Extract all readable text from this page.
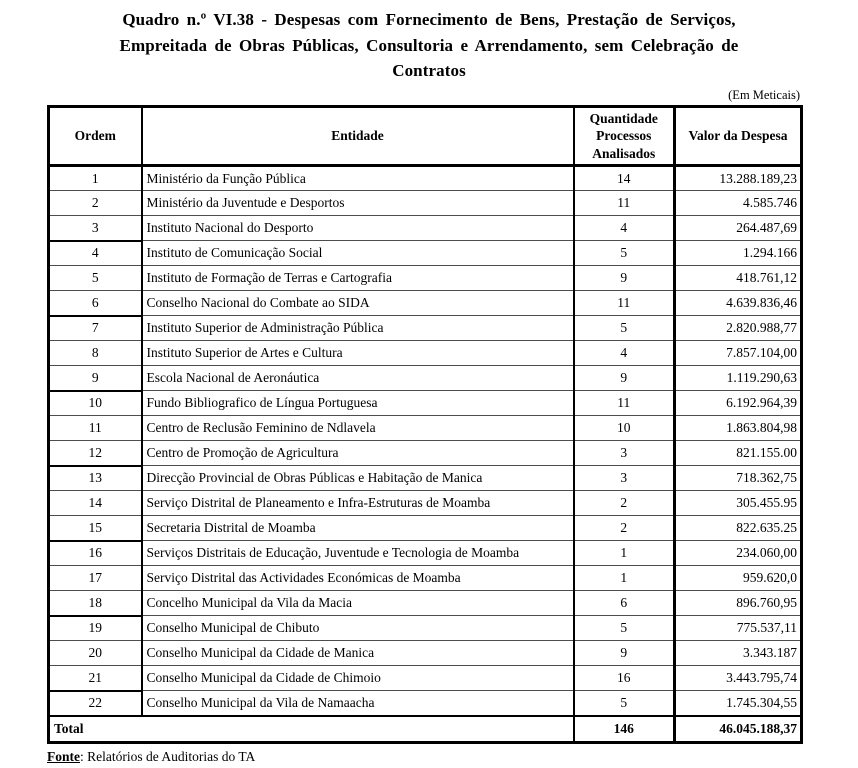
Quadro n.º VI.38 - Despesas com Fornecimento de Bens, Prestação de Serviços,
Empreitada de Obras Públicas, Consultoria e Arrendamento, sem Celebração de
Contratos
(Em Meticais)
Ordem	Entidade	Quantidade Processos Analisados	Valor da Despesa
1	Ministério da Função Pública	14	13.288.189,23
2	Ministério da Juventude e Desportos	11	4.585.746
3	Instituto Nacional do Desporto	4	264.487,69
4	Instituto de Comunicação Social	5	1.294.166
5	Instituto de Formação de Terras e Cartografia	9	418.761,12
6	Conselho Nacional do Combate ao SIDA	11	4.639.836,46
7	Instituto Superior de Administração Pública	5	2.820.988,77
8	Instituto Superior de Artes e Cultura	4	7.857.104,00
9	Escola Nacional de Aeronáutica	9	1.119.290,63
10	Fundo Bibliografico de Língua Portuguesa	11	6.192.964,39
11	Centro de Reclusão Feminino de Ndlavela	10	1.863.804,98
12	Centro de Promoção de Agricultura	3	821.155.00
13	Direcção Provincial de Obras Públicas e Habitação de Manica	3	718.362,75
14	Serviço Distrital de Planeamento e Infra-Estruturas de Moamba	2	305.455.95
15	Secretaria Distrital de Moamba	2	822.635.25
16	Serviços Distritais de Educação, Juventude e Tecnologia de Moamba	1	234.060,00
17	Serviço Distrital das Actividades Económicas de Moamba	1	959.620,0
18	Concelho Municipal da Vila da Macia	6	896.760,95
19	Conselho Municipal de Chibuto	5	775.537,11
20	Conselho Municipal da Cidade de Manica	9	3.343.187
21	Conselho Municipal da Cidade de Chimoio	16	3.443.795,74
22	Conselho Municipal da Vila de Namaacha	5	1.745.304,55
Total		146	46.045.188,37
Fonte: Relatórios de Auditorias do TA
